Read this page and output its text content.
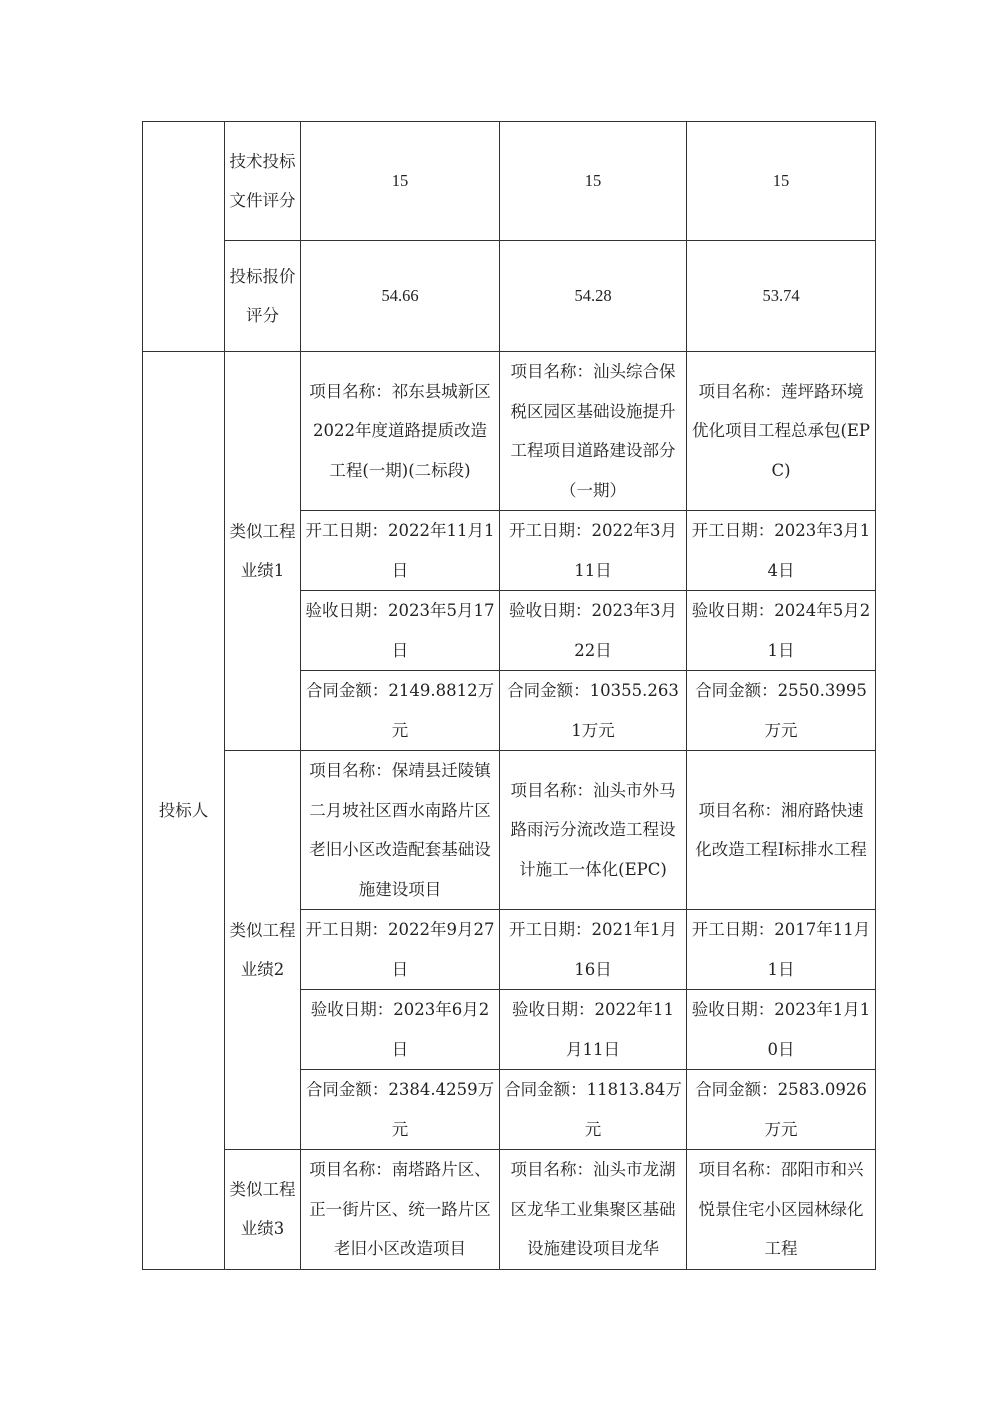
	技术投标文件评分	15	15	15
	投标报价评分	54.66	54.28	53.74
投标人	类似工程业绩1	项目名称：祁东县城新区2022年度道路提质改造工程(一期)(二标段)	项目名称：汕头综合保税区园区基础设施提升工程项目道路建设部分（一期）	项目名称：莲坪路环境优化项目工程总承包(EPC)
		开工日期：2022年11月1日	开工日期：2022年3月11日	开工日期：2023年3月14日
		验收日期：2023年5月17日	验收日期：2023年3月22日	验收日期：2024年5月21日
		合同金额：2149.8812万元	合同金额：10355.2631万元	合同金额：2550.3995万元
	类似工程业绩2	项目名称：保靖县迁陵镇二月坡社区酉水南路片区老旧小区改造配套基础设施建设项目	项目名称：汕头市外马路雨污分流改造工程设计施工一体化(EPC)	项目名称：湘府路快速化改造工程Ⅰ标排水工程
		开工日期：2022年9月27日	开工日期：2021年1月16日	开工日期：2017年11月1日
		验收日期：2023年6月2日	验收日期：2022年11月11日	验收日期：2023年1月10日
		合同金额：2384.4259万元	合同金额：11813.84万元	合同金额：2583.0926万元
	类似工程业绩3	项目名称：南塔路片区、正一街片区、统一路片区老旧小区改造项目	项目名称：汕头市龙湖区龙华工业集聚区基础设施建设项目龙华	项目名称：邵阳市和兴悦景住宅小区园林绿化工程
